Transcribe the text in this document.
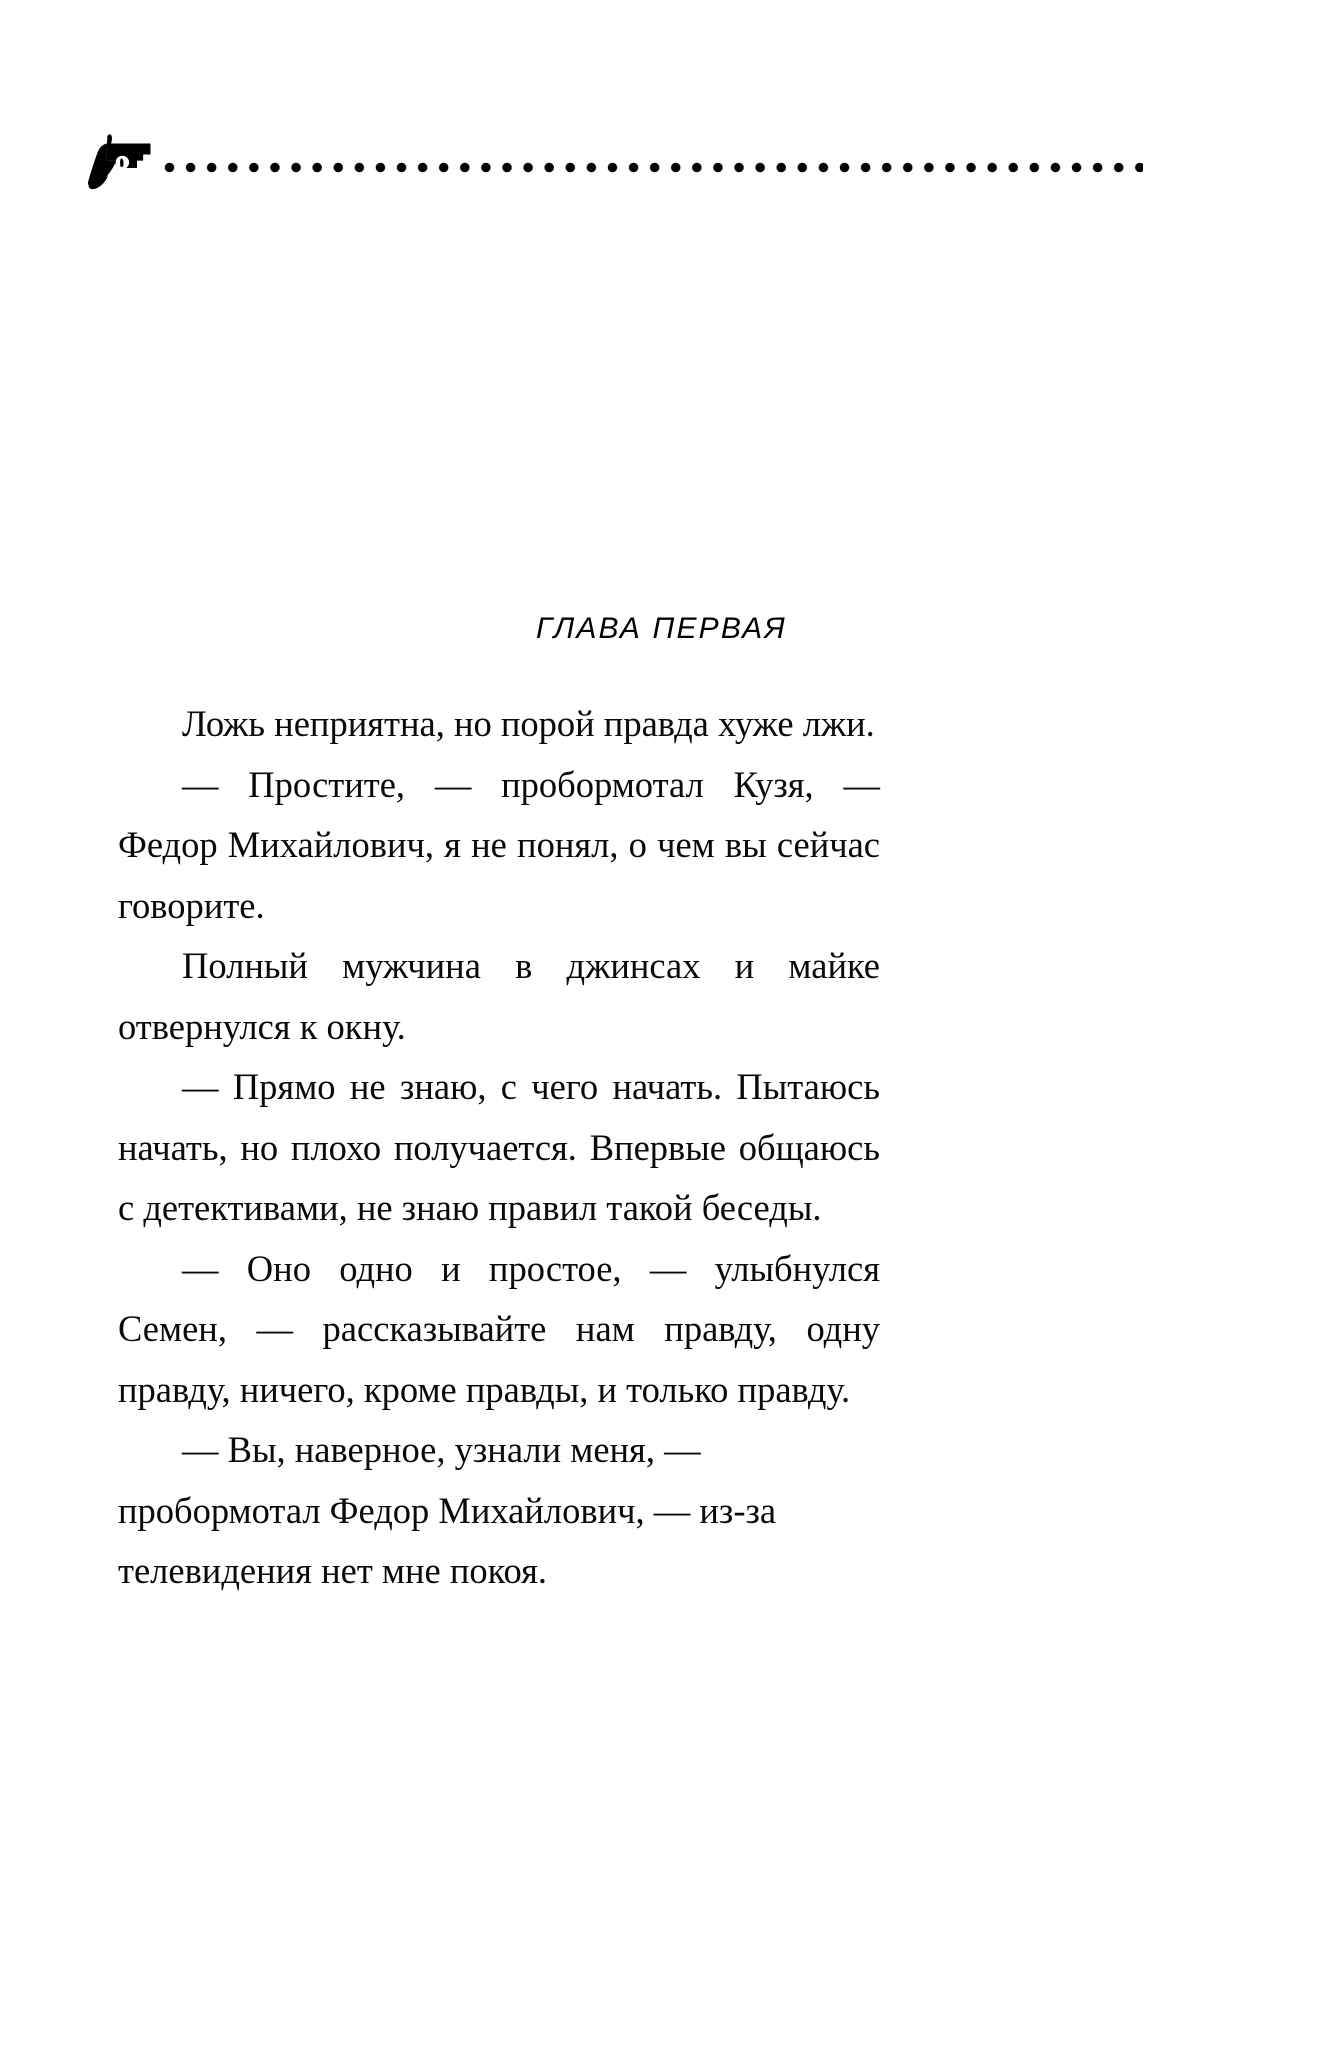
ГЛАВА ПЕРВАЯ

Ложь неприятна, но порой правда хуже лжи.

— Простите, — пробормотал Кузя, — Федор Михайлович, я не понял, о чем вы сейчас говорите.

Полный мужчина в джинсах и майке отвернулся к окну.

— Прямо не знаю, с чего начать. Пытаюсь начать, но плохо получается. Впервые общаюсь с детективами, не знаю правил такой беседы.

— Оно одно и простое, — улыбнулся Семен, — рассказывайте нам правду, одну правду, ничего, кроме правды, и только правду.

— Вы, наверное, узнали меня, — пробормотал Федор Михайлович, — из-за телевидения нет мне покоя.
